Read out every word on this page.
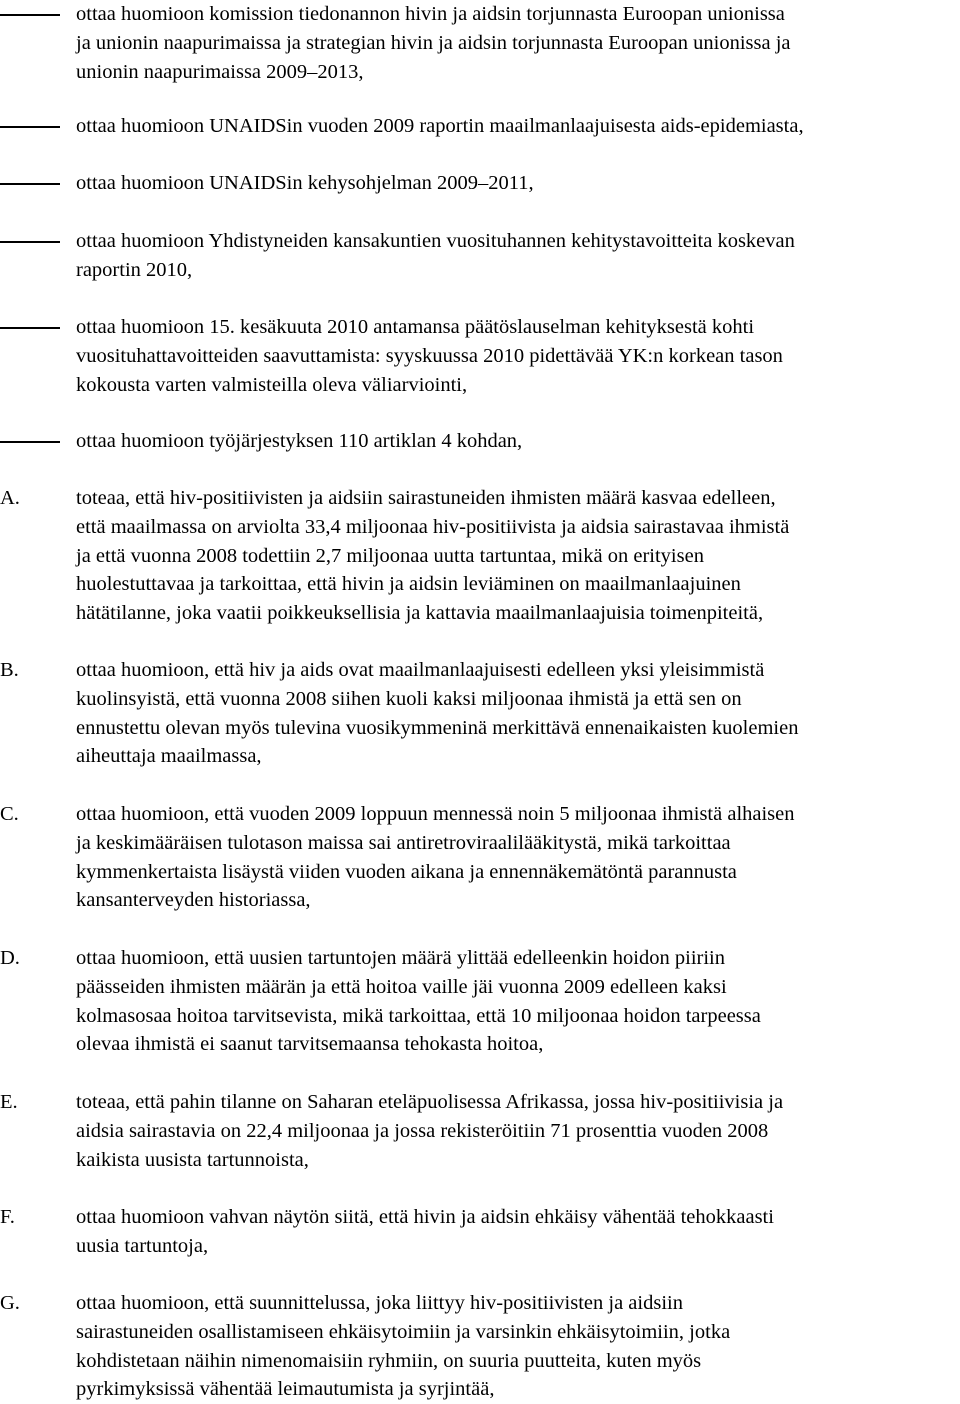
ottaa huomioon komission tiedonannon hivin ja aidsin torjunnasta Euroopan unionissa
ja unionin naapurimaissa ja strategian hivin ja aidsin torjunnasta Euroopan unionissa ja
unionin naapurimaissa 2009–2013,
ottaa huomioon UNAIDSin vuoden 2009 raportin maailmanlaajuisesta aids-epidemiasta,
ottaa huomioon UNAIDSin kehysohjelman 2009–2011,
ottaa huomioon Yhdistyneiden kansakuntien vuosituhannen kehitystavoitteita koskevan
raportin 2010,
ottaa huomioon 15. kesäkuuta 2010 antamansa päätöslauselman kehityksestä kohti
vuosituhattavoitteiden saavuttamista: syyskuussa 2010 pidettävää YK:n korkean tason
kokousta varten valmisteilla oleva väliarviointi,
ottaa huomioon työjärjestyksen 110 artiklan 4 kohdan,
A.	toteaa, että hiv-positiivisten ja aidsiin sairastuneiden ihmisten määrä kasvaa edelleen,
että maailmassa on arviolta 33,4 miljoonaa hiv-positiivista ja aidsia sairastavaa ihmistä
ja että vuonna 2008 todettiin 2,7 miljoonaa uutta tartuntaa, mikä on erityisen
huolestuttavaa ja tarkoittaa, että hivin ja aidsin leviäminen on maailmanlaajuinen
hätätilanne, joka vaatii poikkeuksellisia ja kattavia maailmanlaajuisia toimenpiteitä,
B.	ottaa huomioon, että hiv ja aids ovat maailmanlaajuisesti edelleen yksi yleisimmistä
kuolinsyistä, että vuonna 2008 siihen kuoli kaksi miljoonaa ihmistä ja että sen on
ennustettu olevan myös tulevina vuosikymmeninä merkittävä ennenaikaisten kuolemien
aiheuttaja maailmassa,
C.	ottaa huomioon, että vuoden 2009 loppuun mennessä noin 5 miljoonaa ihmistä alhaisen
ja keskimääräisen tulotason maissa sai antiretroviraalilääkitystä, mikä tarkoittaa
kymmenkertaista lisäystä viiden vuoden aikana ja ennennäkemätöntä parannusta
kansanterveyden historiassa,
D.	ottaa huomioon, että uusien tartuntojen määrä ylittää edelleenkin hoidon piiriin
päässeiden ihmisten määrän ja että hoitoa vaille jäi vuonna 2009 edelleen kaksi
kolmasosaa hoitoa tarvitsevista, mikä tarkoittaa, että 10 miljoonaa hoidon tarpeessa
olevaa ihmistä ei saanut tarvitsemaansa tehokasta hoitoa,
E.	toteaa, että pahin tilanne on Saharan eteläpuolisessa Afrikassa, jossa hiv-positiivisia ja
aidsia sairastavia on 22,4 miljoonaa ja jossa rekisteröitiin 71 prosenttia vuoden 2008
kaikista uusista tartunnoista,
F.	ottaa huomioon vahvan näytön siitä, että hivin ja aidsin ehkäisy vähentää tehokkaasti
uusia tartuntoja,
G.	ottaa huomioon, että suunnittelussa, joka liittyy hiv-positiivisten ja aidsiin
sairastuneiden osallistamiseen ehkäisytoimiin ja varsinkin ehkäisytoimiin, jotka
kohdistetaan näihin nimenomaisiin ryhmiin, on suuria puutteita, kuten myös
pyrkimyksissä vähentää leimautumista ja syrjintää,
